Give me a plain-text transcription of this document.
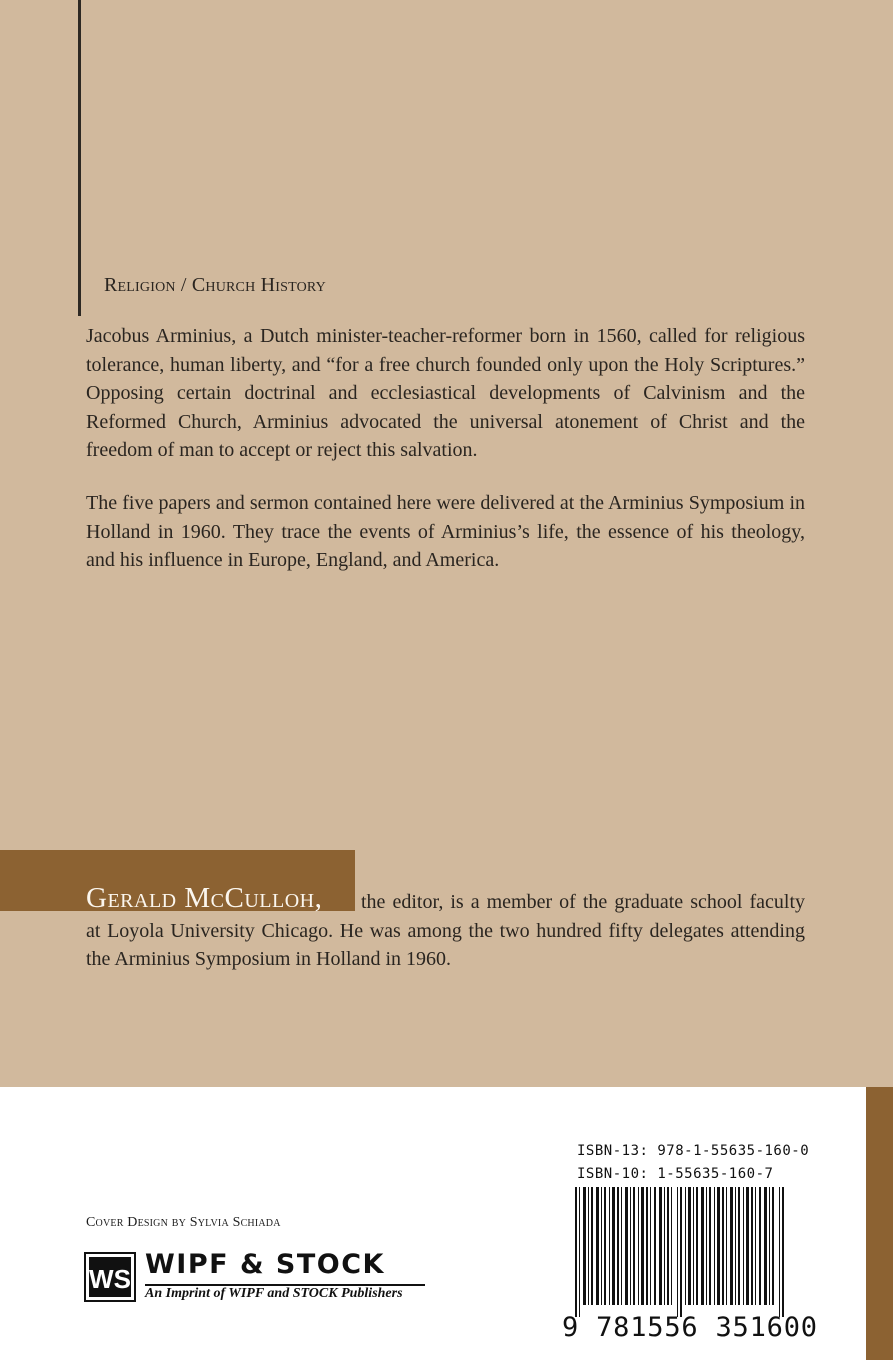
Religion / Church History

Jacobus Arminius, a Dutch minister-teacher-reformer born in 1560, called for religious tolerance, human liberty, and “for a free church founded only upon the Holy Scriptures.” Opposing certain doctrinal and ecclesiastical developments of Calvinism and the Reformed Church, Arminius advocated the universal atonement of Christ and the freedom of man to accept or reject this salvation.

The five papers and sermon contained here were delivered at the Arminius Symposium in Holland in 1960. They trace the events of Arminius’s life, the essence of his theology, and his influence in Europe, England, and America.

Gerald McCulloh,	the editor, is a member of the graduate school faculty at Loyola University Chicago. He was among the two hundred fifty delegates attending the Arminius Symposium in Holland in 1960.

ISBN-13: 978-1-55635-160-0
ISBN-10: 1-55635-160-7
9 781556 351600
Cover Design by Sylvia Schiada
WS WIPF & STOCK
An Imprint of WIPF and STOCK Publishers
